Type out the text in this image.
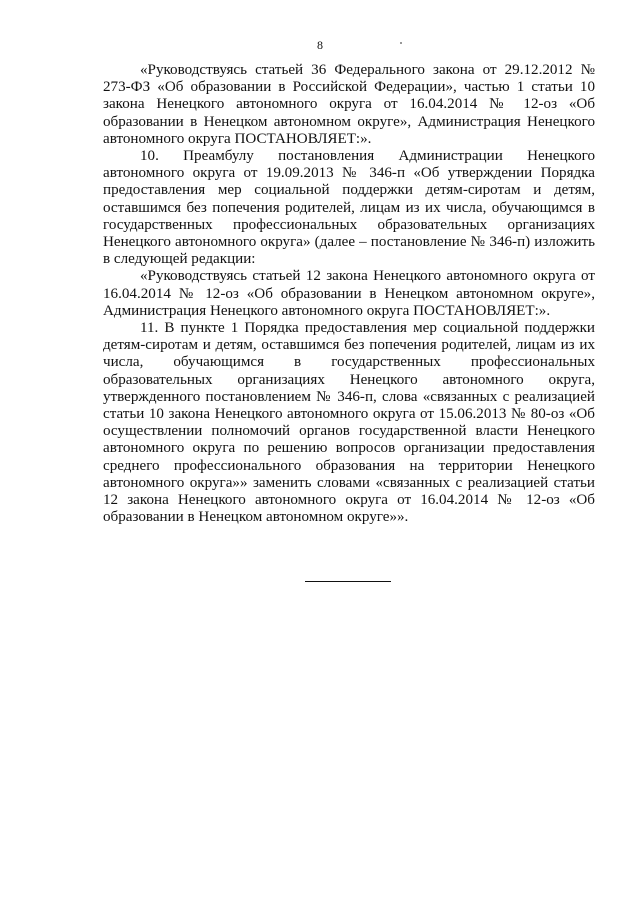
8

«Руководствуясь статьей 36 Федерального закона от 29.12.2012 № 273-ФЗ «Об образовании в Российской Федерации», частью 1 статьи 10 закона Ненецкого автономного округа от 16.04.2014 № 12-оз «Об образовании в Ненецком автономном округе», Администрация Ненецкого автономного округа ПОСТАНОВЛЯЕТ:».

10. Преамбулу постановления Администрации Ненецкого автономного округа от 19.09.2013 № 346-п «Об утверждении Порядка предоставления мер социальной поддержки детям-сиротам и детям, оставшимся без попечения родителей, лицам из их числа, обучающимся в государственных профессиональных образовательных организациях Ненецкого автономного округа» (далее – постановление № 346-п) изложить в следующей редакции:

«Руководствуясь статьей 12 закона Ненецкого автономного округа от 16.04.2014 № 12-оз «Об образовании в Ненецком автономном округе», Администрация Ненецкого автономного округа ПОСТАНОВЛЯЕТ:».

11. В пункте 1 Порядка предоставления мер социальной поддержки детям-сиротам и детям, оставшимся без попечения родителей, лицам из их числа, обучающимся в государственных профессиональных образовательных организациях Ненецкого автономного округа, утвержденного постановлением № 346-п, слова «связанных с реализацией статьи 10 закона Ненецкого автономного округа от 15.06.2013 № 80-оз «Об осуществлении полномочий органов государственной власти Ненецкого автономного округа по решению вопросов организации предоставления среднего профессионального образования на территории Ненецкого автономного округа»» заменить словами «связанных с реализацией статьи 12 закона Ненецкого автономного округа от 16.04.2014 № 12-оз «Об образовании в Ненецком автономном округе»».
